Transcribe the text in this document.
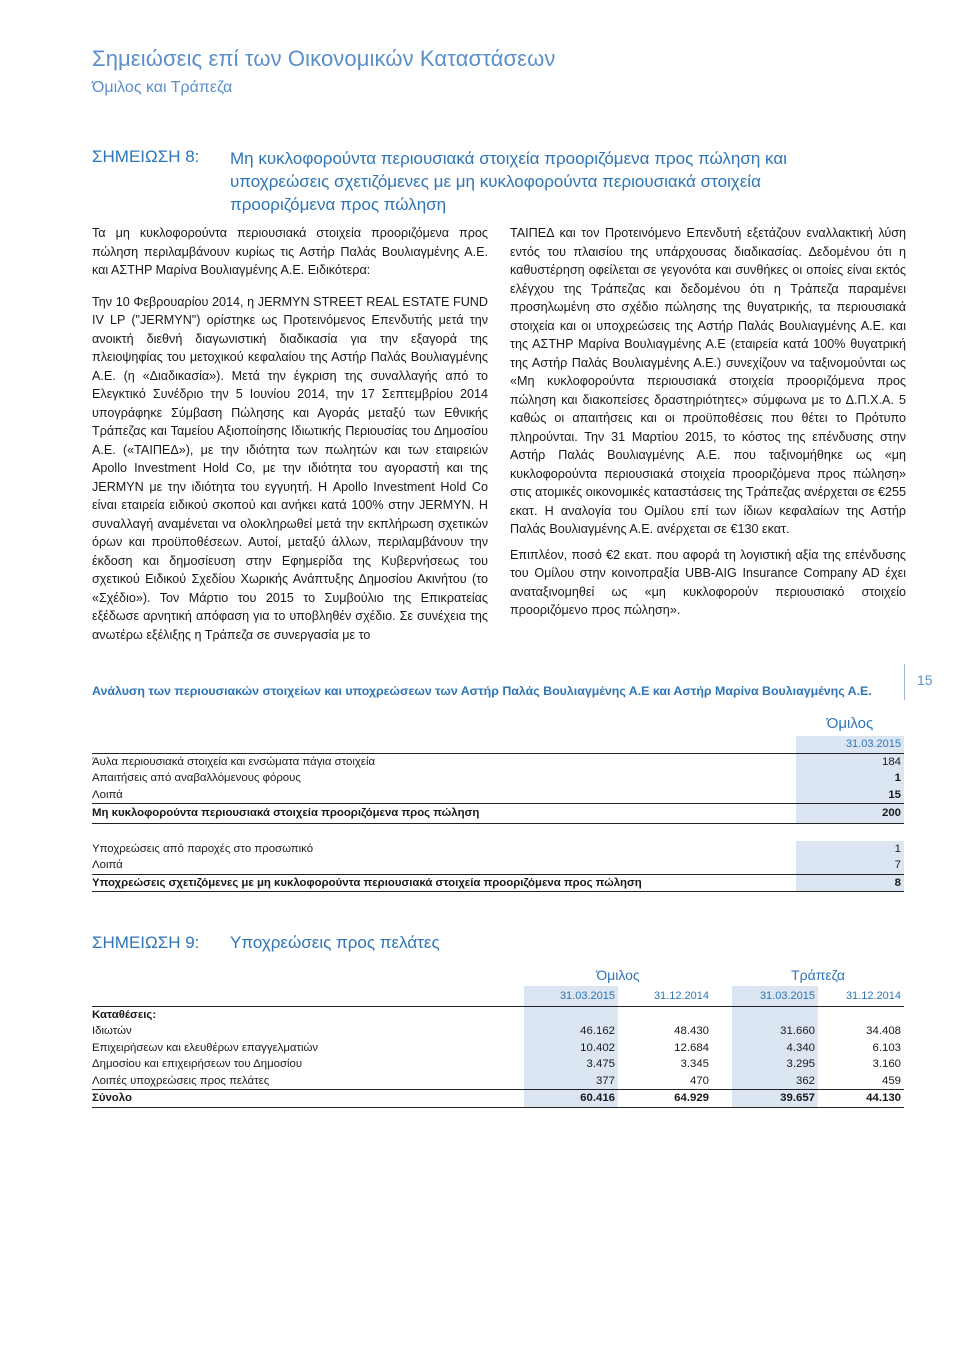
Σημειώσεις επί των Οικονομικών Καταστάσεων
Όμιλος και Τράπεζα
ΣΗΜΕΙΩΣΗ 8: Μη κυκλοφορούντα περιουσιακά στοιχεία προοριζόμενα προς πώληση και
υποχρεώσεις σχετιζόμενες με μη κυκλοφορούντα περιουσιακά στοιχεία
προοριζόμενα προς πώληση

Τα μη κυκλοφορούντα περιουσιακά στοιχεία προοριζόμενα προς πώληση περιλαμβάνουν κυρίως τις Αστήρ Παλάς Βουλιαγμένης Α.Ε. και ΑΣΤΗΡ Μαρίνα Βουλιαγμένης Α.Ε. Ειδικότερα:

Την 10 Φεβρουαρίου 2014, η JERMYN STREET REAL ESTATE FUND IV LP ("JERMYN") ορίστηκε ως Προτεινόμενος Επενδυτής μετά την ανοικτή διεθνή διαγωνιστική διαδικασία για την εξαγορά της πλειοψηφίας του μετοχικού κεφαλαίου της Αστήρ Παλάς Βουλιαγμένης Α.Ε. (η «Διαδικασία»). Μετά την έγκριση της συναλλαγής από το Ελεγκτικό Συνέδριο την 5 Ιουνίου 2014, την 17 Σεπτεμβρίου 2014 υπογράφηκε Σύμβαση Πώλησης και Αγοράς μεταξύ των Εθνικής Τράπεζας και Ταμείου Αξιοποίησης Ιδιωτικής Περιουσίας του Δημοσίου Α.Ε. («ΤΑΙΠΕΔ»), με την ιδιότητα των πωλητών και των εταιρειών Apollo Investment Hold Co, με την ιδιότητα του αγοραστή και της JERMYN με την ιδιότητα του εγγυητή. Η Apollo Investment Hold Co είναι εταιρεία ειδικού σκοπού και ανήκει κατά 100% στην JERMYN. Η συναλλαγή αναμένεται να ολοκληρωθεί μετά την εκπλήρωση σχετικών όρων και προϋποθέσεων. Αυτοί, μεταξύ άλλων, περιλαμβάνουν την έκδοση και δημοσίευση στην Εφημερίδα της Κυβερνήσεως του σχετικού Ειδικού Σχεδίου Χωρικής Ανάπτυξης Δημοσίου Ακινήτου (το «Σχέδιο»). Τον Μάρτιο του 2015 το Συμβούλιο της Επικρατείας εξέδωσε αρνητική απόφαση για το υποβληθέν σχέδιο. Σε συνέχεια της ανωτέρω εξέλιξης η Τράπεζα σε συνεργασία με το

ΤΑΙΠΕΔ και τον Προτεινόμενο Επενδυτή εξετάζουν εναλλακτική λύση εντός του πλαισίου της υπάρχουσας διαδικασίας. Δεδομένου ότι η καθυστέρηση οφείλεται σε γεγονότα και συνθήκες οι οποίες είναι εκτός ελέγχου της Τράπεζας και δεδομένου ότι η Τράπεζα παραμένει προσηλωμένη στο σχέδιο πώλησης της θυγατρικής, τα περιουσιακά στοιχεία και οι υποχρεώσεις της Αστήρ Παλάς Βουλιαγμένης Α.Ε. και της ΑΣΤΗΡ Μαρίνα Βουλιαγμένης Α.Ε (εταιρεία κατά 100% θυγατρική της Αστήρ Παλάς Βουλιαγμένης Α.Ε.) συνεχίζουν να ταξινομούνται ως «Μη κυκλοφορούντα περιουσιακά στοιχεία προοριζόμενα προς πώληση και διακοπείσες δραστηριότητες» σύμφωνα με το Δ.Π.Χ.Α. 5 καθώς οι απαιτήσεις και οι προϋποθέσεις που θέτει το Πρότυπο πληρούνται. Την 31 Μαρτίου 2015, το κόστος της επένδυσης στην Αστήρ Παλάς Βουλιαγμένης Α.Ε. που ταξινομήθηκε ως «μη κυκλοφορούντα περιουσιακά στοιχεία προοριζόμενα προς πώληση» στις ατομικές οικονομικές καταστάσεις της Τράπεζας ανέρχεται σε €255 εκατ. Η αναλογία του Ομίλου επί των ίδιων κεφαλαίων της Αστήρ Παλάς Βουλιαγμένης Α.Ε. ανέρχεται σε €130 εκατ.

Επιπλέον, ποσό €2 εκατ. που αφορά τη λογιστική αξία της επένδυσης του Ομίλου στην κοινοπραξία UBB-AIG Insurance Company AD έχει αναταξινομηθεί ως «μη κυκλοφορούν περιουσιακό στοιχείο προοριζόμενο προς πώληση».

15
Ανάλυση των περιουσιακών στοιχείων και υποχρεώσεων των Αστήρ Παλάς Βουλιαγμένης Α.Ε και Αστήρ Μαρίνα Βουλιαγμένης Α.Ε.
	Όμιλος
	31.03.2015
Άυλα περιουσιακά στοιχεία και ενσώματα πάγια στοιχεία	184
Απαιτήσεις από αναβαλλόμενους φόρους	1
Λοιπά	15
Μη κυκλοφορούντα περιουσιακά στοιχεία προοριζόμενα προς πώληση	200

Υποχρεώσεις από παροχές στο προσωπικό	1
Λοιπά	7
Υποχρεώσεις σχετιζόμενες με μη κυκλοφορούντα περιουσιακά στοιχεία προοριζόμενα προς πώληση	8
ΣΗΜΕΙΩΣΗ 9: Υποχρεώσεις προς πελάτες
	Όμιλος			Τράπεζα	
	31.03.2015	31.12.2014		31.03.2015	31.12.2014
Καταθέσεις:					
Ιδιωτών	46.162	48.430		31.660	34.408
Επιχειρήσεων και ελευθέρων επαγγελματιών	10.402	12.684		4.340	6.103
Δημοσίου και επιχειρήσεων του Δημοσίου	3.475	3.345		3.295	3.160
Λοιπές υποχρεώσεις προς πελάτες	377	470		362	459
Σύνολο	60.416	64.929		39.657	44.130
